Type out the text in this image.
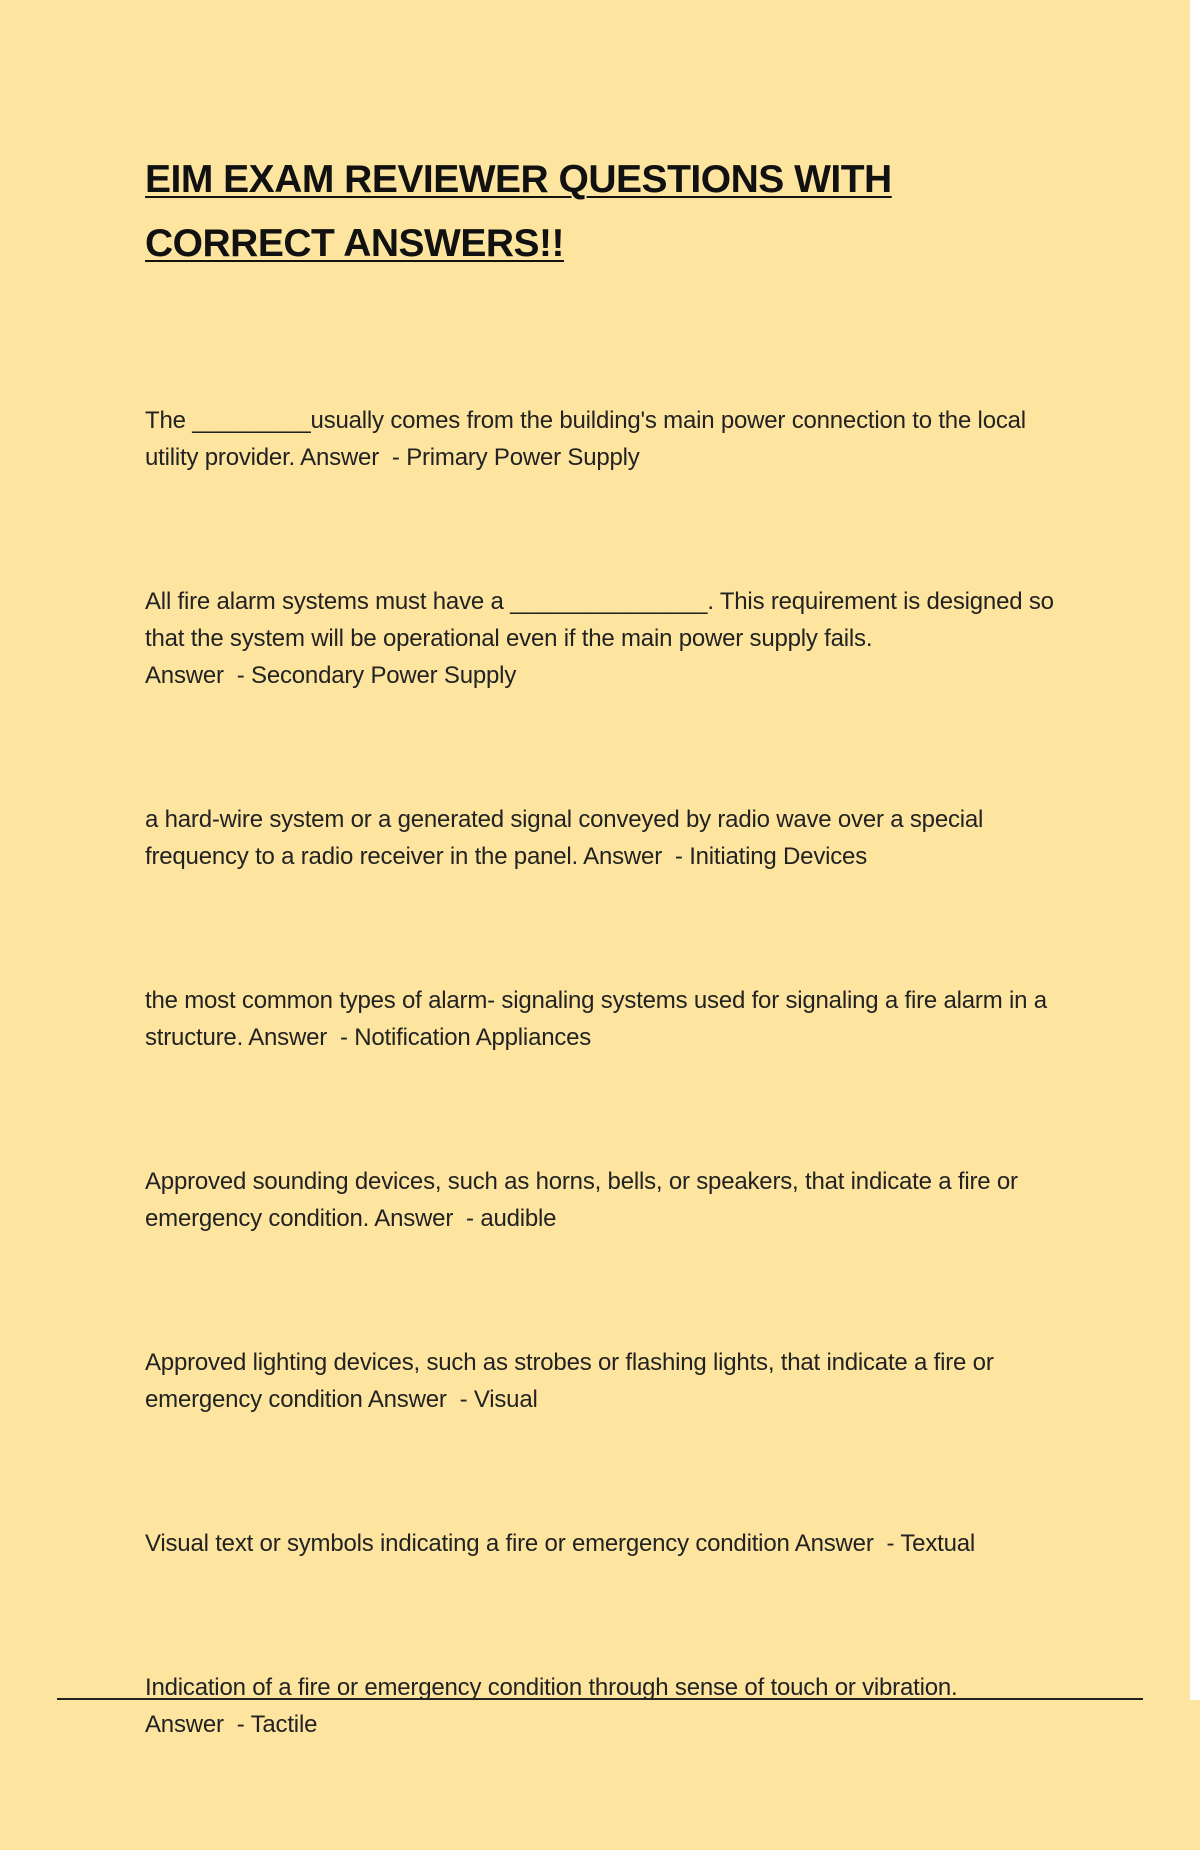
EIM EXAM REVIEWER QUESTIONS WITH CORRECT ANSWERS!!

The _________usually comes from the building's main power connection to the local utility provider. Answer  - Primary Power Supply

All fire alarm systems must have a _______________. This requirement is designed so that the system will be operational even if the main power supply fails. Answer  - Secondary Power Supply

a hard-wire system or a generated signal conveyed by radio wave over a special frequency to a radio receiver in the panel. Answer  - Initiating Devices

the most common types of alarm- signaling systems used for signaling a fire alarm in a structure. Answer  - Notification Appliances

Approved sounding devices, such as horns, bells, or speakers, that indicate a fire or emergency condition. Answer  - audible

Approved lighting devices, such as strobes or flashing lights, that indicate a fire or emergency condition Answer  - Visual

Visual text or symbols indicating a fire or emergency condition Answer  - Textual

Indication of a fire or emergency condition through sense of touch or vibration. Answer  - Tactile
